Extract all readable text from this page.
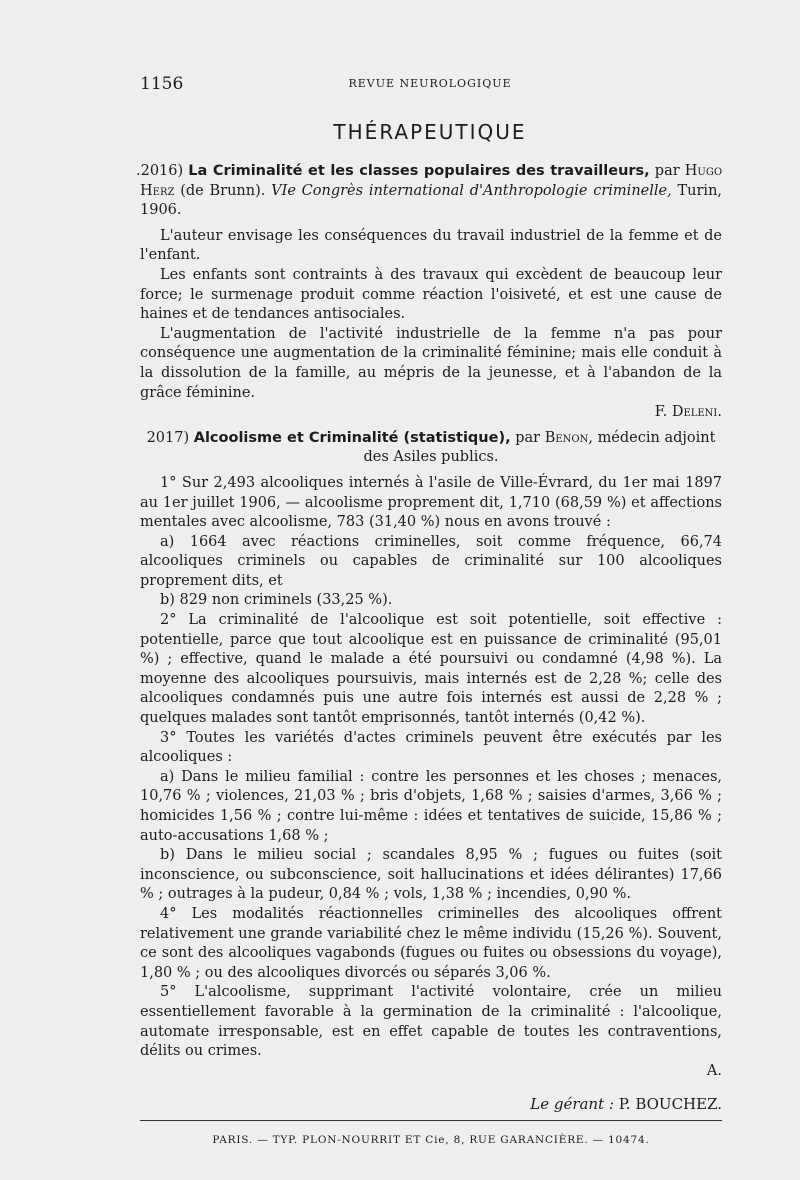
1156	REVUE NEUROLOGIQUE
THÉRAPEUTIQUE

.2016) La Criminalité et les classes populaires des travailleurs, par Hugo Herz (de Brunn). VIe Congrès international d'Anthropologie criminelle, Turin, 1906.

L'auteur envisage les conséquences du travail industriel de la femme et de l'enfant.

Les enfants sont contraints à des travaux qui excèdent de beaucoup leur force; le surmenage produit comme réaction l'oisiveté, et est une cause de haines et de tendances antisociales.

L'augmentation de l'activité industrielle de la femme n'a pas pour conséquence une augmentation de la criminalité féminine; mais elle conduit à la dissolution de la famille, au mépris de la jeunesse, et à l'abandon de la grâce féminine.

F. Deleni.

2017) Alcoolisme et Criminalité (statistique), par Benon, médecin adjoint des Asiles publics.

1° Sur 2,493 alcooliques internés à l'asile de Ville-Évrard, du 1er mai 1897 au 1er juillet 1906, — alcoolisme proprement dit, 1,710 (68,59 %) et affections mentales avec alcoolisme, 783 (31,40 %) nous en avons trouvé :

a) 1664 avec réactions criminelles, soit comme fréquence, 66,74 alcooliques criminels ou capables de criminalité sur 100 alcooliques proprement dits, et

b) 829 non criminels (33,25 %).

2° La criminalité de l'alcoolique est soit potentielle, soit effective : potentielle, parce que tout alcoolique est en puissance de criminalité (95,01 %) ; effective, quand le malade a été poursuivi ou condamné (4,98 %). La moyenne des alcooliques poursuivis, mais internés est de 2,28 %; celle des alcooliques condamnés puis une autre fois internés est aussi de 2,28 % ; quelques malades sont tantôt emprisonnés, tantôt internés (0,42 %).

3° Toutes les variétés d'actes criminels peuvent être exécutés par les alcooliques :

a) Dans le milieu familial : contre les personnes et les choses ; menaces, 10,76 % ; violences, 21,03 % ; bris d'objets, 1,68 % ; saisies d'armes, 3,66 % ; homicides 1,56 % ; contre lui-même : idées et tentatives de suicide, 15,86 % ; auto-accusations 1,68 % ;

b) Dans le milieu social ; scandales 8,95 % ; fugues ou fuites (soit inconscience, ou subconscience, soit hallucinations et idées délirantes) 17,66 % ; outrages à la pudeur, 0,84 % ; vols, 1,38 % ; incendies, 0,90 %.

4° Les modalités réactionnelles criminelles des alcooliques offrent relativement une grande variabilité chez le même individu (15,26 %). Souvent, ce sont des alcooliques vagabonds (fugues ou fuites ou obsessions du voyage), 1,80 % ; ou des alcooliques divorcés ou séparés 3,06 %.

5° L'alcoolisme, supprimant l'activité volontaire, crée un milieu essentiellement favorable à la germination de la criminalité : l'alcoolique, automate irresponsable, est en effet capable de toutes les contraventions, délits ou crimes.

A.

Le gérant : P. BOUCHEZ.
PARIS. — TYP. PLON-NOURRIT ET Cie, 8, RUE GARANCIÈRE. — 10474.
